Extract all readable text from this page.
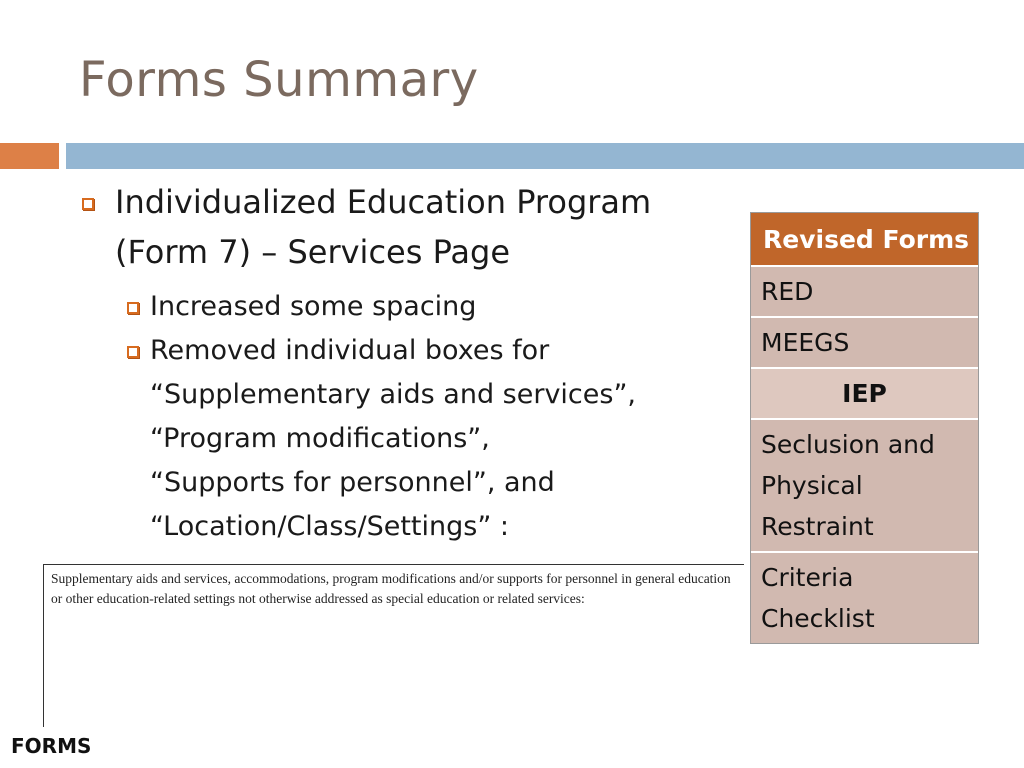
Forms Summary
Individualized Education Program
(Form 7) – Services Page
Increased some spacing
Removed individual boxes for
“Supplementary aids and services”,
“Program modifications”,
“Supports for personnel”, and
“Location/Class/Settings” :
Supplementary aids and services, accommodations, program modifications and/or supports for personnel in general education
or other education-related settings not otherwise addressed as special education or related services:
Revised Forms
RED
MEEGS
IEP
Seclusion and
Physical
Restraint
Criteria
Checklist
FORMS
